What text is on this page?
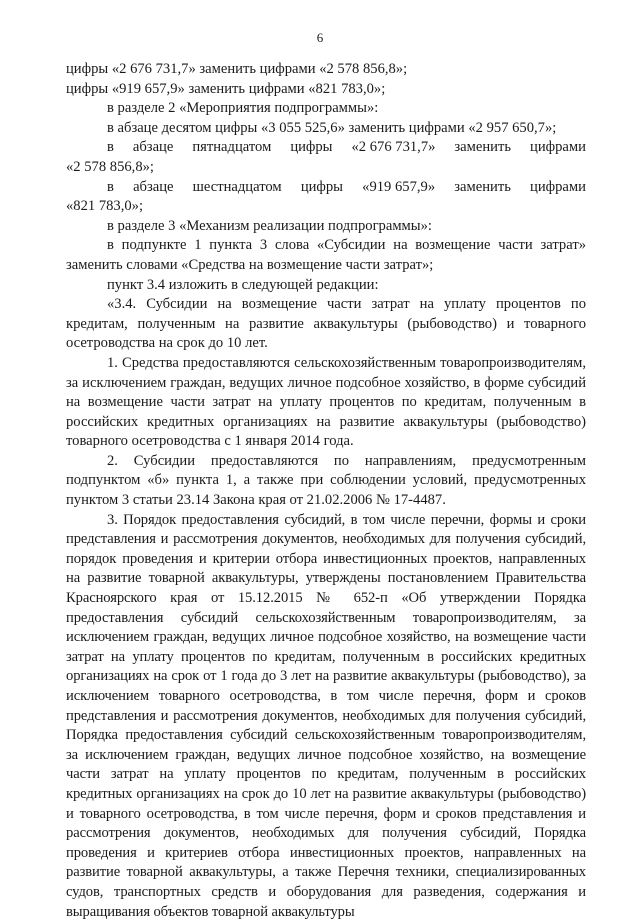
6

цифры «2 676 731,7» заменить цифрами «2 578 856,8»;

цифры «919 657,9» заменить цифрами «821 783,0»;

в разделе 2 «Мероприятия подпрограммы»:

в абзаце десятом цифры «3 055 525,6» заменить цифрами «2 957 650,7»;

в абзаце пятнадцатом цифры «2 676 731,7» заменить цифрами

«2 578 856,8»;

в абзаце шестнадцатом цифры «919 657,9» заменить цифрами

«821 783,0»;

в разделе 3 «Механизм реализации подпрограммы»:

в подпункте 1 пункта 3 слова «Субсидии на возмещение части затрат» заменить словами «Средства на возмещение части затрат»;

пункт 3.4 изложить в следующей редакции:

«3.4. Субсидии на возмещение части затрат на уплату процентов по кредитам, полученным на развитие аквакультуры (рыбоводство) и товарного осетроводства на срок до 10 лет.

1. Средства предоставляются сельскохозяйственным товаропроизводителям, за исключением граждан, ведущих личное подсобное хозяйство, в форме субсидий на возмещение части затрат на уплату процентов по кредитам, полученным в российских кредитных организациях на развитие аквакультуры (рыбоводство) товарного осетроводства с 1 января 2014 года.

2. Субсидии предоставляются по направлениям, предусмотренным подпунктом «б» пункта 1, а также при соблюдении условий, предусмотренных пунктом 3 статьи 23.14 Закона края от 21.02.2006 № 17-4487.

3. Порядок предоставления субсидий, в том числе перечни, формы и сроки представления и рассмотрения документов, необходимых для получения субсидий, порядок проведения и критерии отбора инвестиционных проектов, направленных на развитие товарной аквакультуры, утверждены постановлением Правительства Красноярского края от 15.12.2015 № 652-п «Об утверждении Порядка предоставления субсидий сельскохозяйственным товаропроизводителям, за исключением граждан, ведущих личное подсобное хозяйство, на возмещение части затрат на уплату процентов по кредитам, полученным в российских кредитных организациях на срок от 1 года до 3 лет на развитие аквакультуры (рыбоводство), за исключением товарного осетроводства, в том числе перечня, форм и сроков представления и рассмотрения документов, необходимых для получения субсидий, Порядка предоставления субсидий сельскохозяйственным товаропроизводителям, за исключением граждан, ведущих личное подсобное хозяйство, на возмещение части затрат на уплату процентов по кредитам, полученным в российских кредитных организациях на срок до 10 лет на развитие аквакультуры (рыбоводство) и товарного осетроводства, в том числе перечня, форм и сроков представления и рассмотрения документов, необходимых для получения субсидий, Порядка проведения и критериев отбора инвестиционных проектов, направленных на развитие товарной аквакультуры, а также Перечня техники, специализированных судов, транспортных средств и оборудования для разведения, содержания и выращивания объектов товарной аквакультуры
